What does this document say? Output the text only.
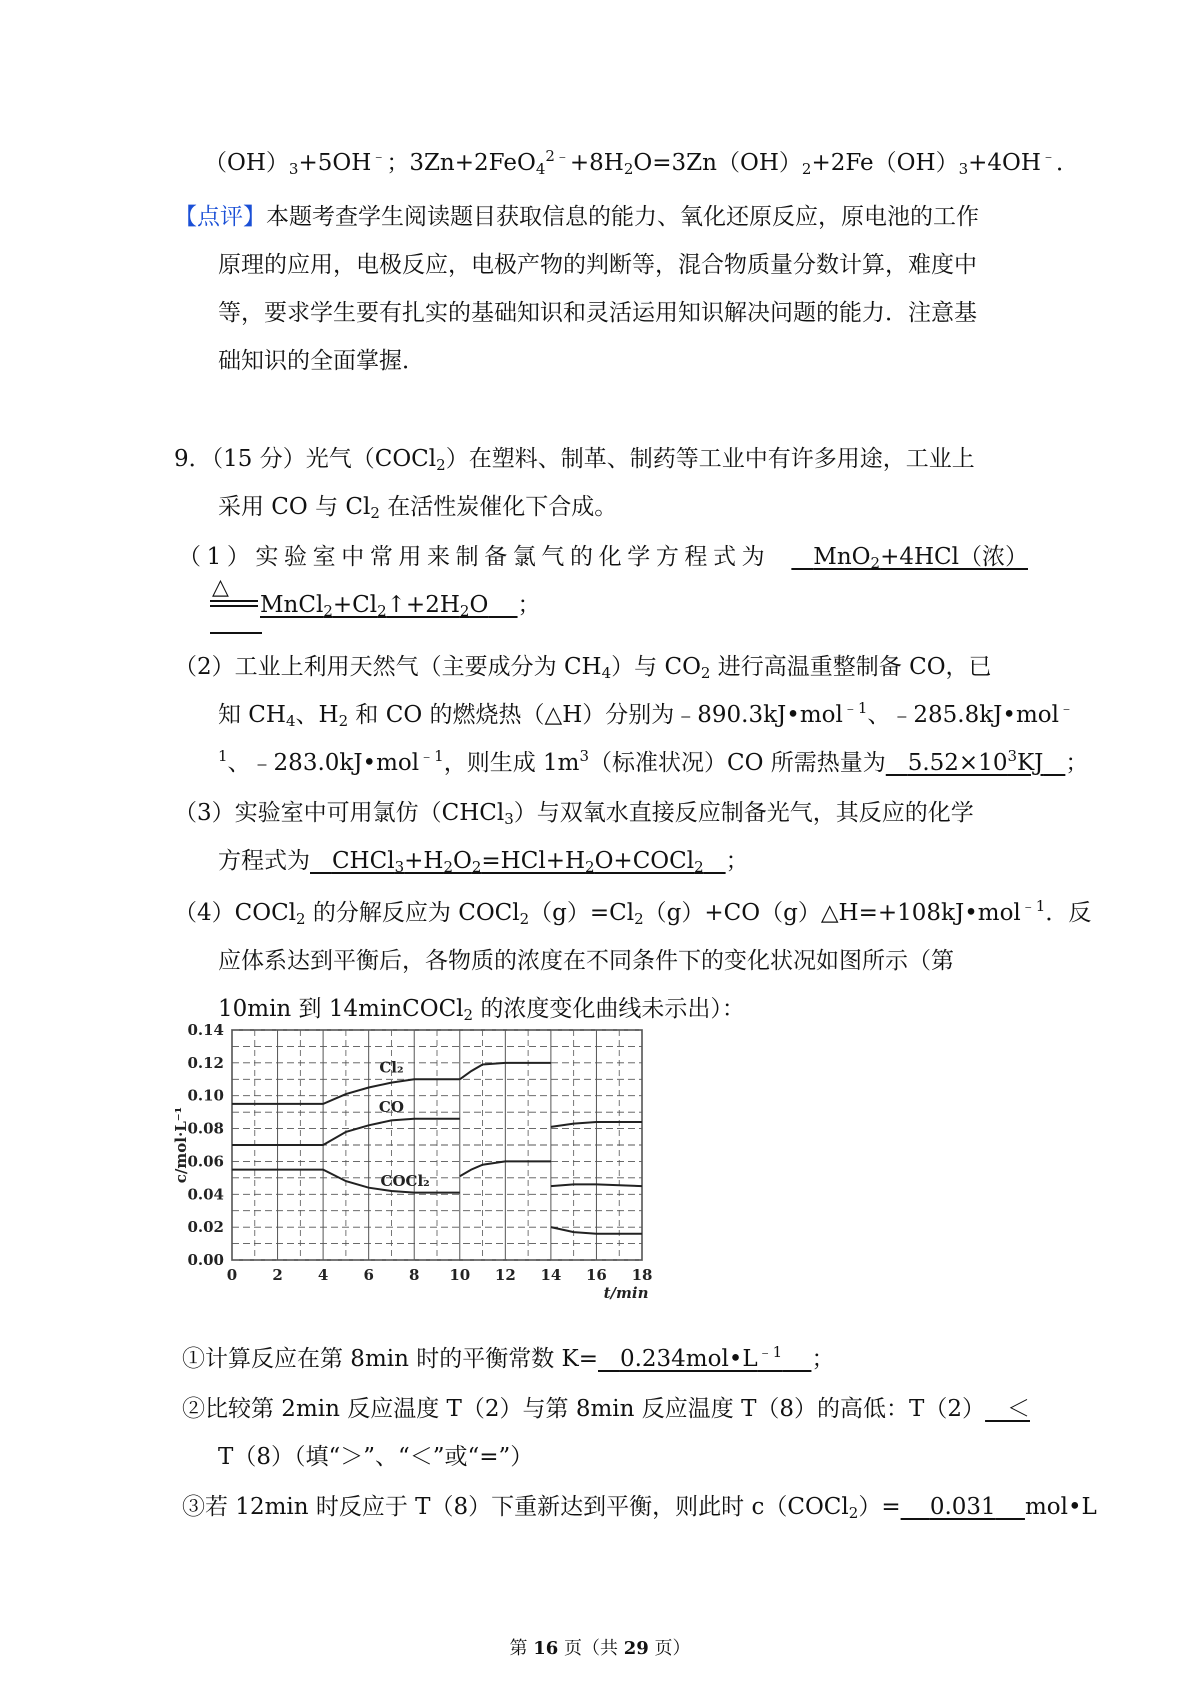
$(OH)_3+5OH^﹣$；$3Zn+2FeO_4^{2﹣}+8H_2O=3Zn(OH)_2+2Fe(OH)_3+4OH^﹣$．
【点评】本题考查学生阅读题目获取信息的能力、氧化还原反应，原电池的工作
原理的应用，电极反应，电极产物的判断等，混合物质量分数计算，难度中
等，要求学生要有扎实的基础知识和灵活运用知识解决问题的能力．注意基
础知识的全面掌握．
9．（15 分）光气（COCl$_2$）在塑料、制革、制药等工业中有许多用途，工业上
采用 CO 与 $Cl_2$ 在活性炭催化下合成。
（1）实验室中常用来制备氯气的化学方程式为	MnO$_2$+4HCl（浓）
△
$MnCl_2+Cl_2↑+2H_2O$ ；
（2）工业上利用天然气（主要成分为 $CH_4$）与 $CO_2$ 进行高温重整制备 CO，已
知 $CH_4$、$H_2$ 和 CO 的燃烧热（△H）分别为﹣890.3kJ•mol$^{﹣1}$、﹣285.8kJ•mol﹣
$^1$、﹣283.0kJ•mol$^{﹣1}$，则生成 $1m^3$（标准状况）CO 所需热量为 $5.52\times 10^3KJ$ ；
（3）实验室中可用氯仿（CHCl$_3$）与双氧水直接反应制备光气，其反应的化学
方程式为 $CHCl_3+H_2O_2=HCl+H_2O+COCl_2$ ；
（4）COCl$_2$ 的分解反应为 $COCl_2(g)=Cl_2(g)+CO(g)\triangle H=+108kJ•mol^{﹣1}$．反
应体系达到平衡后，各物质的浓度在不同条件下的变化状况如图所示（第
10min 到 14minCOCl$_2$ 的浓度变化曲线未示出）：
0.00
0.02
0.04
0.06
0.08
0.10
0.12
0.14
0 2 4 6 8 10 12 14 16 18
t/min
c/mol·L⁻¹
Cl₂
CO
COCl₂
①计算反应在第 8min 时的平衡常数 $K= 0.234mol•L^{﹣1}$ ；
②比较第 2min 反应温度 T（2）与第 8min 反应温度 T（8）的高低：T（2） ＜
T（8）（填“＞”、“＜”或“=”）
③若 12min 时反应于 T（8）下重新达到平衡，则此时 c（COCl$_2$）= 0.031 mol•L
第 16 页（共 29 页）
